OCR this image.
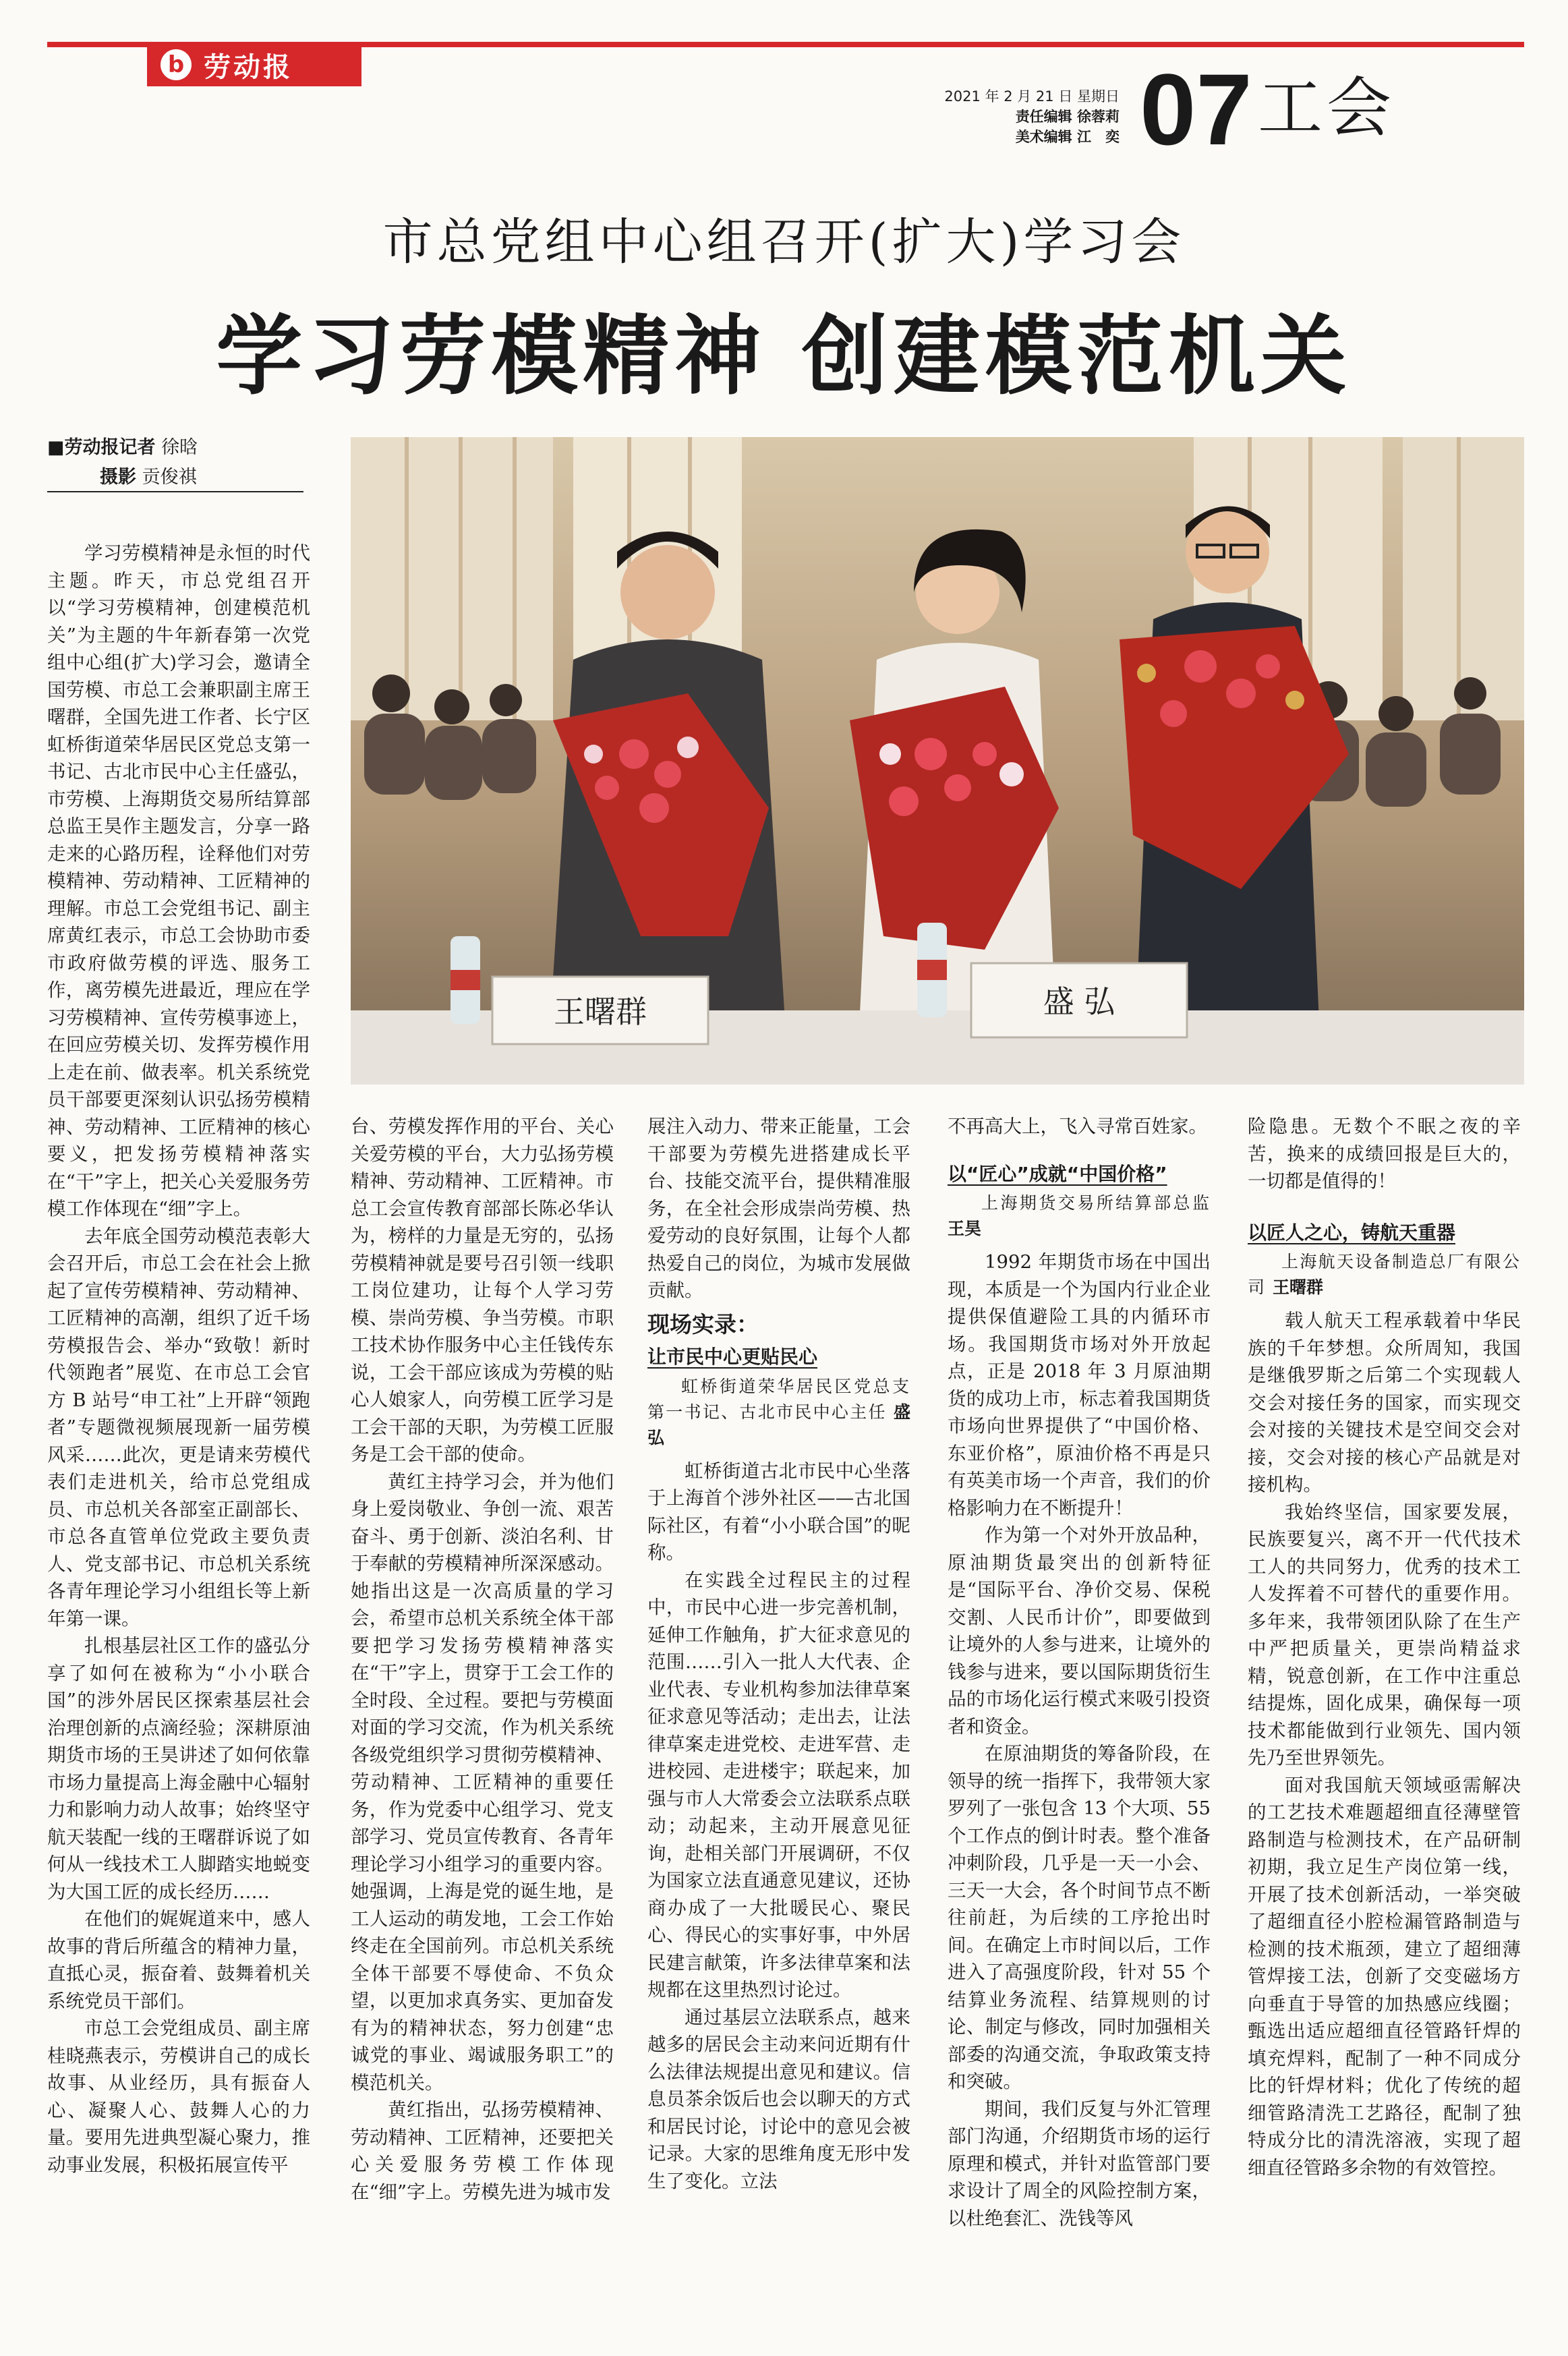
b 劳动报
2021 年 2 月 21 日 星期日
责任编辑 徐蓉莉
美术编辑 江　奕 07 工会
市总党组中心组召开(扩大)学习会
学习劳模精神 创建模范机关
■劳动报记者 徐晗
摄影 贡俊祺
王曙群	盛 弘

学习劳模精神是永恒的时代主题。昨天，市总党组召开以“学习劳模精神，创建模范机关”为主题的牛年新春第一次党组中心组(扩大)学习会，邀请全国劳模、市总工会兼职副主席王曙群，全国先进工作者、长宁区虹桥街道荣华居民区党总支第一书记、古北市民中心主任盛弘，市劳模、上海期货交易所结算部总监王昊作主题发言，分享一路走来的心路历程，诠释他们对劳模精神、劳动精神、工匠精神的理解。市总工会党组书记、副主席黄红表示，市总工会协助市委市政府做劳模的评选、服务工作，离劳模先进最近，理应在学习劳模精神、宣传劳模事迹上，在回应劳模关切、发挥劳模作用上走在前、做表率。机关系统党员干部要更深刻认识弘扬劳模精神、劳动精神、工匠精神的核心要义，把发扬劳模精神落实在“干”字上，把关心关爱服务劳模工作体现在“细”字上。

去年底全国劳动模范表彰大会召开后，市总工会在社会上掀起了宣传劳模精神、劳动精神、工匠精神的高潮，组织了近千场劳模报告会、举办“致敬！新时代领跑者”展览、在市总工会官方 B 站号“申工社”上开辟“领跑者”专题微视频展现新一届劳模风采……此次，更是请来劳模代表们走进机关，给市总党组成员、市总机关各部室正副部长、市总各直管单位党政主要负责人、党支部书记、市总机关系统各青年理论学习小组组长等上新年第一课。

扎根基层社区工作的盛弘分享了如何在被称为“小小联合国”的涉外居民区探索基层社会治理创新的点滴经验；深耕原油期货市场的王昊讲述了如何依靠市场力量提高上海金融中心辐射力和影响力动人故事；始终坚守航天装配一线的王曙群诉说了如何从一线技术工人脚踏实地蜕变为大国工匠的成长经历……

在他们的娓娓道来中，感人故事的背后所蕴含的精神力量，直抵心灵，振奋着、鼓舞着机关系统党员干部们。

市总工会党组成员、副主席桂晓燕表示，劳模讲自己的成长故事、从业经历，具有振奋人心、凝聚人心、鼓舞人心的力量。要用先进典型凝心聚力，推动事业发展，积极拓展宣传平

台、劳模发挥作用的平台、关心关爱劳模的平台，大力弘扬劳模精神、劳动精神、工匠精神。市总工会宣传教育部部长陈必华认为，榜样的力量是无穷的，弘扬劳模精神就是要号召引领一线职工岗位建功，让每个人学习劳模、崇尚劳模、争当劳模。市职工技术协作服务中心主任钱传东说，工会干部应该成为劳模的贴心人娘家人，向劳模工匠学习是工会干部的天职，为劳模工匠服务是工会干部的使命。

黄红主持学习会，并为他们身上爱岗敬业、争创一流、艰苦奋斗、勇于创新、淡泊名利、甘于奉献的劳模精神所深深感动。她指出这是一次高质量的学习会，希望市总机关系统全体干部要把学习发扬劳模精神落实在“干”字上，贯穿于工会工作的全时段、全过程。要把与劳模面对面的学习交流，作为机关系统各级党组织学习贯彻劳模精神、劳动精神、工匠精神的重要任务，作为党委中心组学习、党支部学习、党员宣传教育、各青年理论学习小组学习的重要内容。她强调，上海是党的诞生地，是工人运动的萌发地，工会工作始终走在全国前列。市总机关系统全体干部要不辱使命、不负众望，以更加求真务实、更加奋发有为的精神状态，努力创建“忠诚党的事业、竭诚服务职工”的模范机关。

黄红指出，弘扬劳模精神、劳动精神、工匠精神，还要把关心关爱服务劳模工作体现在“细”字上。劳模先进为城市发

展注入动力、带来正能量，工会干部要为劳模先进搭建成长平台、技能交流平台，提供精准服务，在全社会形成崇尚劳模、热爱劳动的良好氛围，让每个人都热爱自己的岗位，为城市发展做贡献。

现场实录：
让市民中心更贴民心
虹桥街道荣华居民区党总支第一书记、古北市民中心主任 盛弘

虹桥街道古北市民中心坐落于上海首个涉外社区——古北国际社区，有着“小小联合国”的昵称。

在实践全过程民主的过程中，市民中心进一步完善机制，延伸工作触角，扩大征求意见的范围……引入一批人大代表、企业代表、专业机构参加法律草案征求意见等活动；走出去，让法律草案走进党校、走进军营、走进校园、走进楼宇；联起来，加强与市人大常委会立法联系点联动；动起来，主动开展意见征询，赴相关部门开展调研，不仅为国家立法直通意见建议，还协商办成了一大批暖民心、聚民心、得民心的实事好事，中外居民建言献策，许多法律草案和法规都在这里热烈讨论过。

通过基层立法联系点，越来越多的居民会主动来问近期有什么法律法规提出意见和建议。信息员茶余饭后也会以聊天的方式和居民讨论，讨论中的意见会被记录。大家的思维角度无形中发生了变化。立法

不再高大上，飞入寻常百姓家。

以“匠心”成就“中国价格”
上海期货交易所结算部总监 王昊

1992 年期货市场在中国出现，本质是一个为国内行业企业提供保值避险工具的内循环市场。我国期货市场对外开放起点，正是 2018 年 3 月原油期货的成功上市，标志着我国期货市场向世界提供了“中国价格、东亚价格”，原油价格不再是只有英美市场一个声音，我们的价格影响力在不断提升！

作为第一个对外开放品种，原油期货最突出的创新特征是“国际平台、净价交易、保税交割、人民币计价”，即要做到让境外的人参与进来，让境外的钱参与进来，要以国际期货衍生品的市场化运行模式来吸引投资者和资金。

在原油期货的筹备阶段，在领导的统一指挥下，我带领大家罗列了一张包含 13 个大项、55 个工作点的倒计时表。整个准备冲刺阶段，几乎是一天一小会、三天一大会，各个时间节点不断往前赶，为后续的工序抢出时间。在确定上市时间以后，工作进入了高强度阶段，针对 55 个结算业务流程、结算规则的讨论、制定与修改，同时加强相关部委的沟通交流，争取政策支持和突破。

期间，我们反复与外汇管理部门沟通，介绍期货市场的运行原理和模式，并针对监管部门要求设计了周全的风险控制方案，以杜绝套汇、洗钱等风

险隐患。无数个不眠之夜的辛苦，换来的成绩回报是巨大的，一切都是值得的！

以匠人之心，铸航天重器
上海航天设备制造总厂有限公司 王曙群

载人航天工程承载着中华民族的千年梦想。众所周知，我国是继俄罗斯之后第二个实现载人交会对接任务的国家，而实现交会对接的关键技术是空间交会对接，交会对接的核心产品就是对接机构。

我始终坚信，国家要发展，民族要复兴，离不开一代代技术工人的共同努力，优秀的技术工人发挥着不可替代的重要作用。多年来，我带领团队除了在生产中严把质量关，更崇尚精益求精，锐意创新，在工作中注重总结提炼，固化成果，确保每一项技术都能做到行业领先、国内领先乃至世界领先。

面对我国航天领域亟需解决的工艺技术难题超细直径薄壁管路制造与检测技术，在产品研制初期，我立足生产岗位第一线，开展了技术创新活动，一举突破了超细直径小腔检漏管路制造与检测的技术瓶颈，建立了超细薄管焊接工法，创新了交变磁场方向垂直于导管的加热感应线圈；甄选出适应超细直径管路钎焊的填充焊料，配制了一种不同成分比的钎焊材料；优化了传统的超细管路清洗工艺路径，配制了独特成分比的清洗溶液，实现了超细直径管路多余物的有效管控。
